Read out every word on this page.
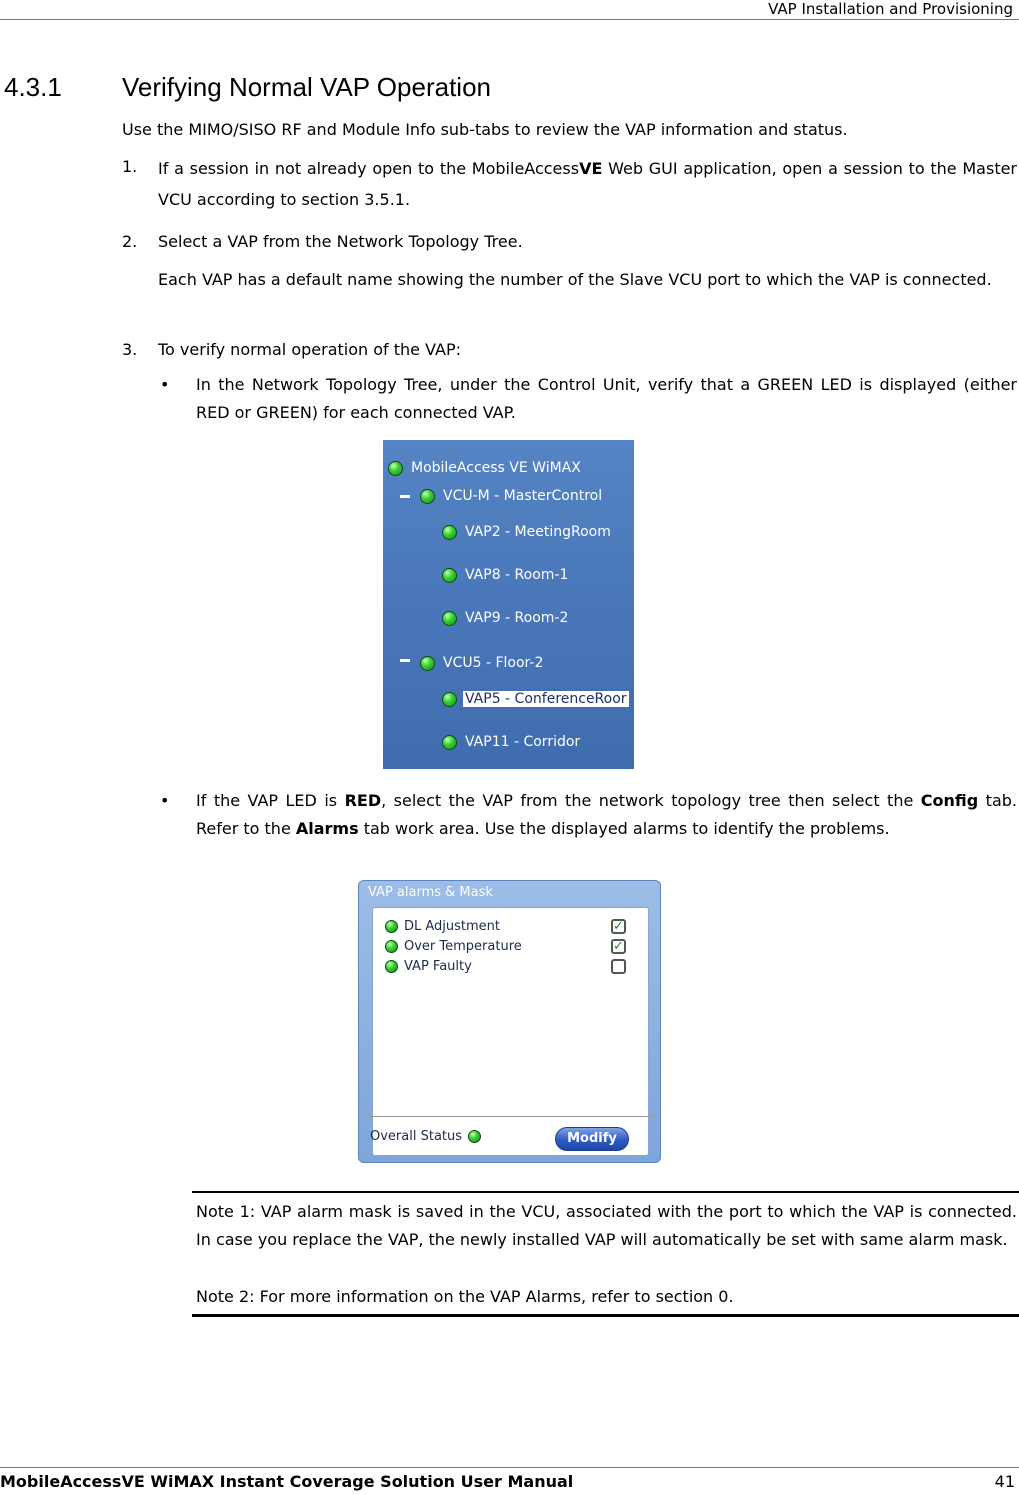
VAP Installation and Provisioning
4.3.1 Verifying Normal VAP Operation
Use the MIMO/SISO RF and Module Info sub-tabs to review the VAP information and status.
1. If a session in not already open to the MobileAccessVE Web GUI application, open a session to the Master VCU according to section 3.5.1.
2. Select a VAP from the Network Topology Tree.
Each VAP has a default name showing the number of the Slave VCU port to which the VAP is connected.
3. To verify normal operation of the VAP:
• In the Network Topology Tree, under the Control Unit, verify that a GREEN LED is displayed (either RED or GREEN) for each connected VAP.
MobileAccess VE WiMAX
VCU-M - MasterControl
VAP2 - MeetingRoom
VAP8 - Room-1
VAP9 - Room-2
VCU5 - Floor-2
VAP5 - ConferenceRoor
VAP11 - Corridor
• If the VAP LED is RED, select the VAP from the network topology tree then select the Config tab. Refer to the Alarms tab work area. Use the displayed alarms to identify the problems.
VAP alarms & Mask
DL Adjustment	✓
Over Temperature	✓
VAP Faulty
Overall Status	Modify
Note 1: VAP alarm mask is saved in the VCU, associated with the port to which the VAP is connected. In case you replace the VAP, the newly installed VAP will automatically be set with same alarm mask.
Note 2: For more information on the VAP Alarms, refer to section 0.
MobileAccessVE WiMAX Instant Coverage Solution User Manual	41
